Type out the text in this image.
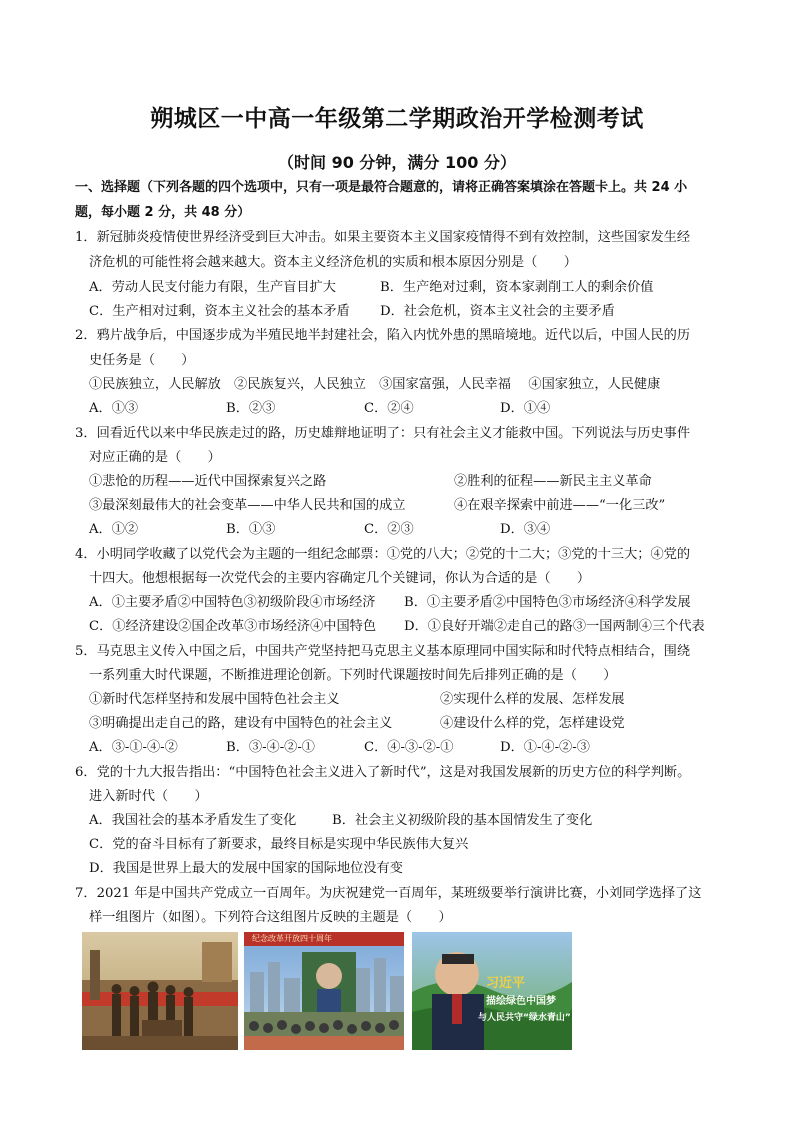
朔城区一中高一年级第二学期政治开学检测考试
（时间 90 分钟，满分 100 分）
一、选择题（下列各题的四个选项中，只有一项是最符合题意的，请将正确答案填涂在答题卡上。共 24 小
题，每小题 2 分，共 48 分）
1．新冠肺炎疫情使世界经济受到巨大冲击。如果主要资本主义国家疫情得不到有效控制，这些国家发生经
济危机的可能性将会越来越大。资本主义经济危机的实质和根本原因分别是（　　）
A．劳动人民支付能力有限，生产盲目扩大	B．生产绝对过剩，资本家剥削工人的剩余价值
C．生产相对过剩，资本主义社会的基本矛盾 D．社会危机，资本主义社会的主要矛盾
2．鸦片战争后，中国逐步成为半殖民地半封建社会，陷入内忧外患的黑暗境地。近代以后，中国人民的历
史任务是（　　）
①民族独立，人民解放　②民族复兴，人民独立　③国家富强，人民幸福　 ④国家独立，人民健康
A．①③	B．②③	C．②④	D．①④
3．回看近代以来中华民族走过的路，历史雄辩地证明了：只有社会主义才能救中国。下列说法与历史事件
对应正确的是（　　）
①悲怆的历程——近代中国探索复兴之路	②胜利的征程——新民主主义革命
③最深刻最伟大的社会变革——中华人民共和国的成立	④在艰辛探索中前进——“一化三改”
A．①②	B．①③	C．②③	D．③④
4．小明同学收藏了以党代会为主题的一组纪念邮票：①党的八大；②党的十二大；③党的十三大；④党的
十四大。他想根据每一次党代会的主要内容确定几个关键词，你认为合适的是（　　）
A．①主要矛盾②中国特色③初级阶段④市场经济 B．①主要矛盾②中国特色③市场经济④科学发展
C．①经济建设②国企改革③市场经济④中国特色 D．①良好开端②走自己的路③一国两制④三个代表
5．马克思主义传入中国之后，中国共产党坚持把马克思主义基本原理同中国实际和时代特点相结合，围绕
一系列重大时代课题，不断推进理论创新。下列时代课题按时间先后排列正确的是（　　）
①新时代怎样坚持和发展中国特色社会主义	②实现什么样的发展、怎样发展
③明确提出走自己的路，建设有中国特色的社会主义	④建设什么样的党，怎样建设党
A．③-①-④-②	B．③-④-②-①	C．④-③-②-①	D．①-④-②-③
6．党的十九大报告指出：“中国特色社会主义进入了新时代”，这是对我国发展新的历史方位的科学判断。
进入新时代（　　）
A．我国社会的基本矛盾发生了变化	B．社会主义初级阶段的基本国情发生了变化
C．党的奋斗目标有了新要求，最终目标是实现中华民族伟大复兴
D．我国是世界上最大的发展中国家的国际地位没有变
7．2021 年是中国共产党成立一百周年。为庆祝建党一百周年，某班级要举行演讲比赛，小刘同学选择了这
样一组图片（如图）。下列符合这组图片反映的主题是（　　）
纪念改革开放四十周年
习近平
描绘绿色中国梦
与人民共守“绿水青山”
